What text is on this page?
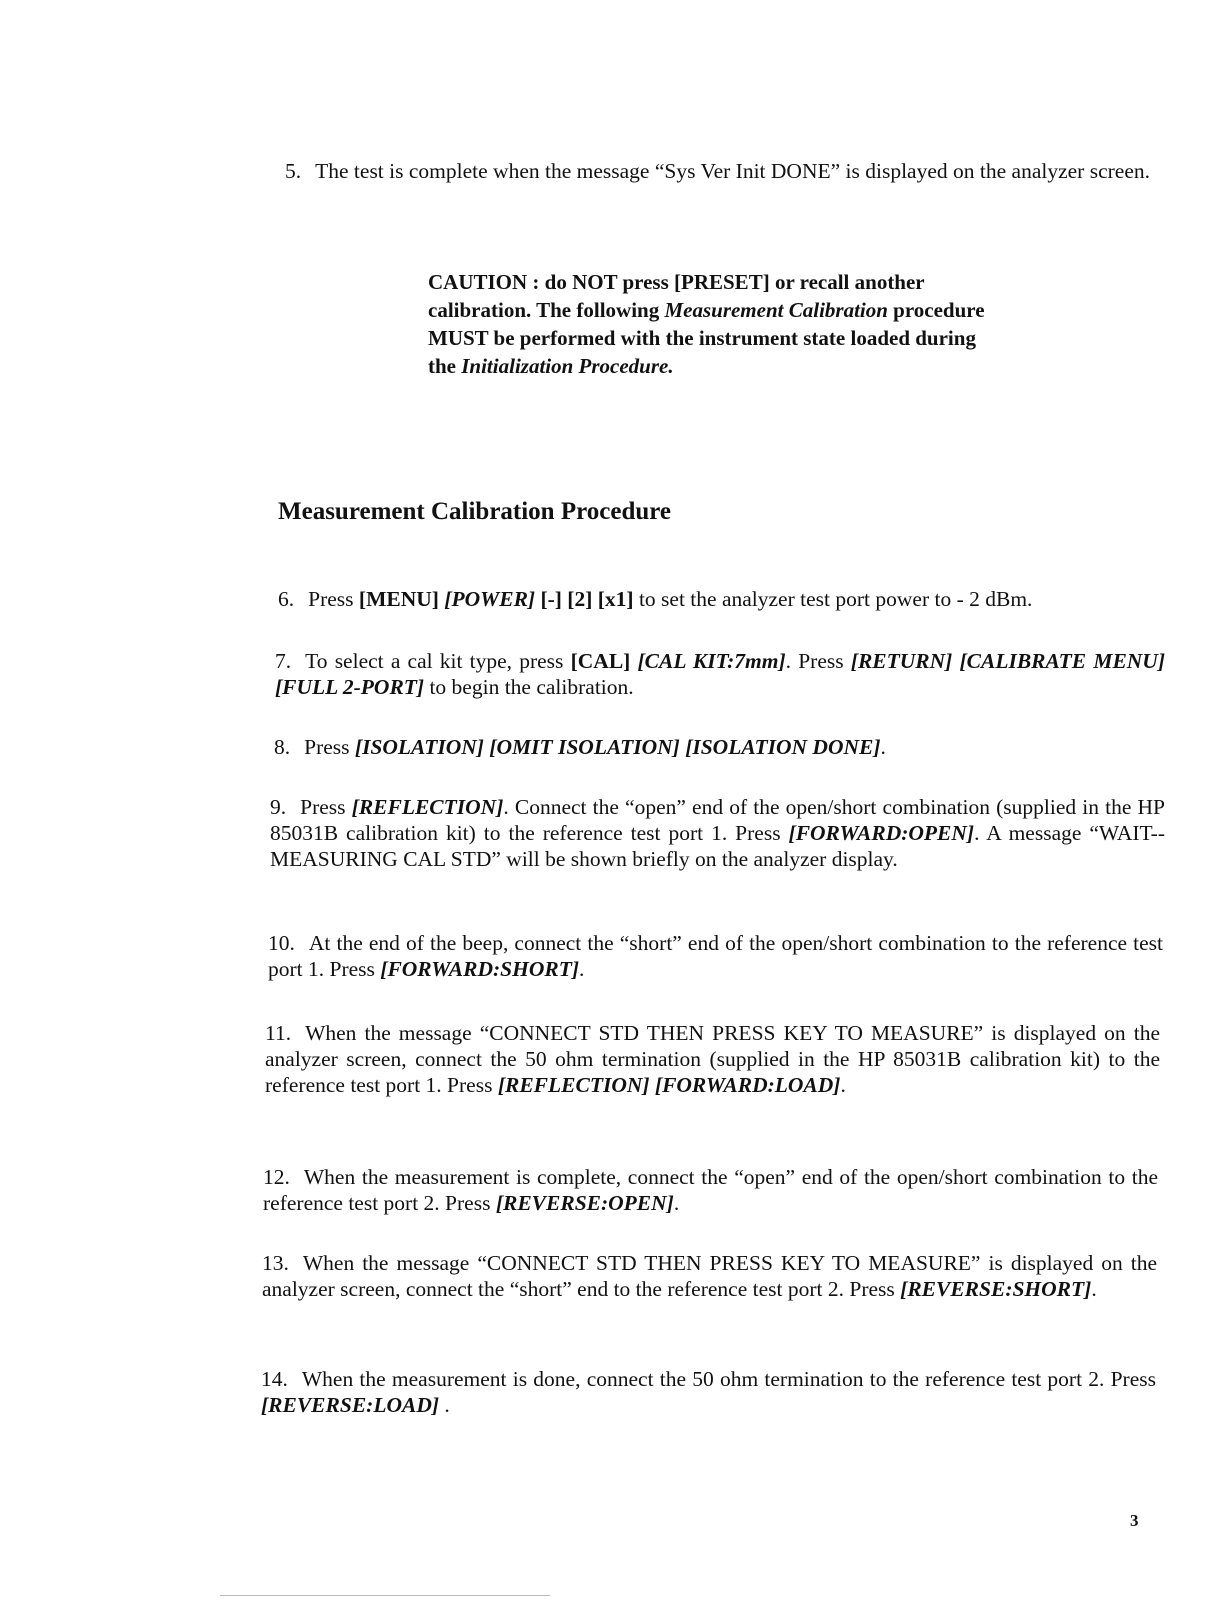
5. The test is complete when the message “Sys Ver Init DONE” is displayed on the analyzer screen.

CAUTION : do NOT press [PRESET] or recall another calibration. The following Measurement Calibration procedure MUST be performed with the instrument state loaded during the Initialization Procedure.

Measurement Calibration Procedure

6. Press [MENU] [POWER] [-] [2] [x1] to set the analyzer test port power to - 2 dBm.

7. To select a cal kit type, press [CAL] [CAL KIT:7mm]. Press [RETURN] [CALIBRATE MENU] [FULL 2-PORT] to begin the calibration.

8. Press [ISOLATION] [OMIT ISOLATION] [ISOLATION DONE].

9. Press [REFLECTION]. Connect the “open” end of the open/short combination (supplied in the HP 85031B calibration kit) to the reference test port 1. Press [FORWARD:OPEN]. A message “WAIT--MEASURING CAL STD” will be shown briefly on the analyzer display.

10. At the end of the beep, connect the “short” end of the open/short combination to the reference test port 1. Press [FORWARD:SHORT].

11. When the message “CONNECT STD THEN PRESS KEY TO MEASURE” is displayed on the analyzer screen, connect the 50 ohm termination (supplied in the HP 85031B calibration kit) to the reference test port 1. Press [REFLECTION] [FORWARD:LOAD].

12. When the measurement is complete, connect the “open” end of the open/short combination to the reference test port 2. Press [REVERSE:OPEN].

13. When the message “CONNECT STD THEN PRESS KEY TO MEASURE” is displayed on the analyzer screen, connect the “short” end to the reference test port 2. Press [REVERSE:SHORT].

14. When the measurement is done, connect the 50 ohm termination to the reference test port 2. Press [REVERSE:LOAD] .

3
